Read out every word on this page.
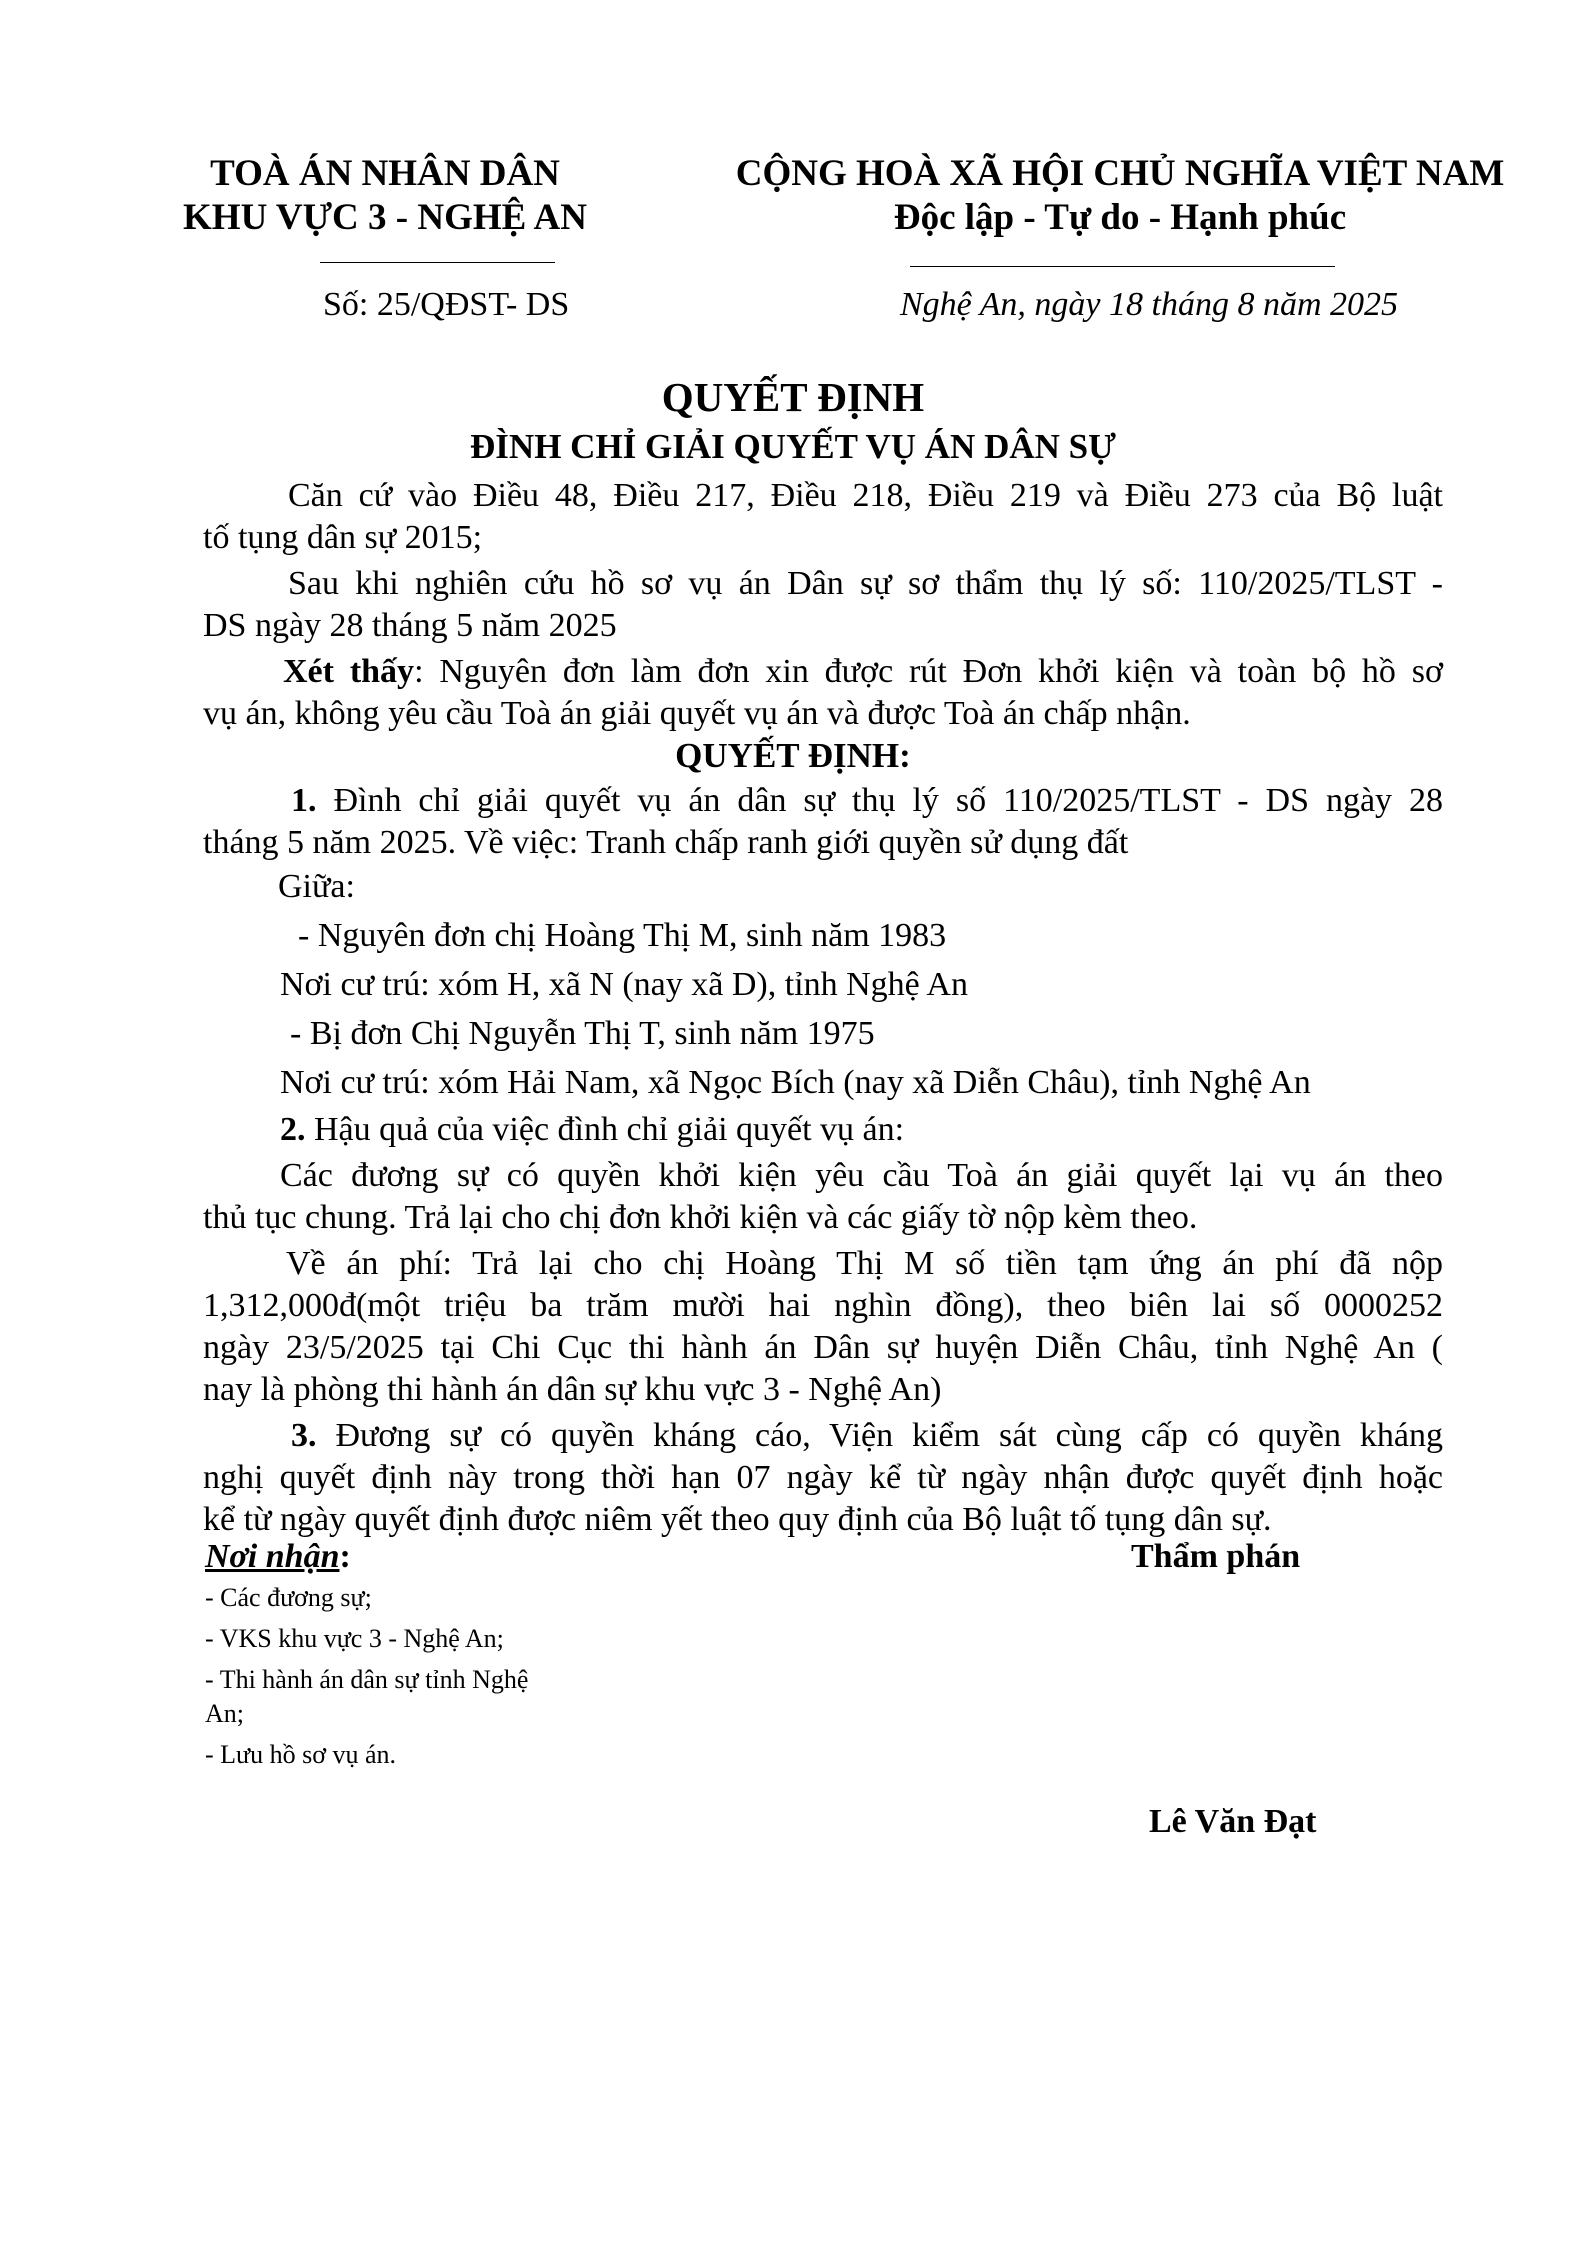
TOÀ ÁN NHÂN DÂN
KHU VỰC 3 - NGHỆ AN
CỘNG HOÀ XÃ HỘI CHỦ NGHĨA VIỆT NAM
Độc lập - Tự do - Hạnh phúc
Số: 25/QĐST- DS	Nghệ An, ngày 18 tháng 8 năm 2025
QUYẾT ĐỊNH
ĐÌNH CHỈ GIẢI QUYẾT VỤ ÁN DÂN SỰ
Căn cứ vào Điều 48, Điều 217, Điều 218, Điều 219 và Điều 273 của Bộ luật
tố tụng dân sự 2015;
Sau khi nghiên cứu hồ sơ vụ án Dân sự sơ thẩm thụ lý số: 110/2025/TLST -
DS ngày 28 tháng 5 năm 2025
Xét thấy: Nguyên đơn làm đơn xin được rút Đơn khởi kiện và toàn bộ hồ sơ
vụ án, không yêu cầu Toà án giải quyết vụ án và được Toà án chấp nhận.
QUYẾT ĐỊNH:
1. Đình chỉ giải quyết vụ án dân sự thụ lý số 110/2025/TLST - DS ngày 28
tháng 5 năm 2025. Về việc: Tranh chấp ranh giới quyền sử dụng đất
Giữa:
- Nguyên đơn chị Hoàng Thị M, sinh năm 1983
Nơi cư trú: xóm H, xã N (nay xã D), tỉnh Nghệ An
- Bị đơn Chị Nguyễn Thị T, sinh năm 1975
Nơi cư trú: xóm Hải Nam, xã Ngọc Bích (nay xã Diễn Châu), tỉnh Nghệ An
2. Hậu quả của việc đình chỉ giải quyết vụ án:
Các đương sự có quyền khởi kiện yêu cầu Toà án giải quyết lại vụ án theo
thủ tục chung. Trả lại cho chị đơn khởi kiện và các giấy tờ nộp kèm theo.
Về án phí: Trả lại cho chị Hoàng Thị M số tiền tạm ứng án phí đã nộp
1,312,000đ(một triệu ba trăm mười hai nghìn đồng), theo biên lai số 0000252
ngày 23/5/2025 tại Chi Cục thi hành án Dân sự huyện Diễn Châu, tỉnh Nghệ An (
nay là phòng thi hành án dân sự khu vực 3 - Nghệ An)
3. Đương sự có quyền kháng cáo, Viện kiểm sát cùng cấp có quyền kháng
nghị quyết định này trong thời hạn 07 ngày kể từ ngày nhận được quyết định hoặc
kể từ ngày quyết định được niêm yết theo quy định của Bộ luật tố tụng dân sự.
Nơi nhận:	Thẩm phán
- Các đương sự;
- VKS khu vực 3 - Nghệ An;
- Thi hành án dân sự tỉnh Nghệ
An;
- Lưu hồ sơ vụ án.
Lê Văn Đạt
